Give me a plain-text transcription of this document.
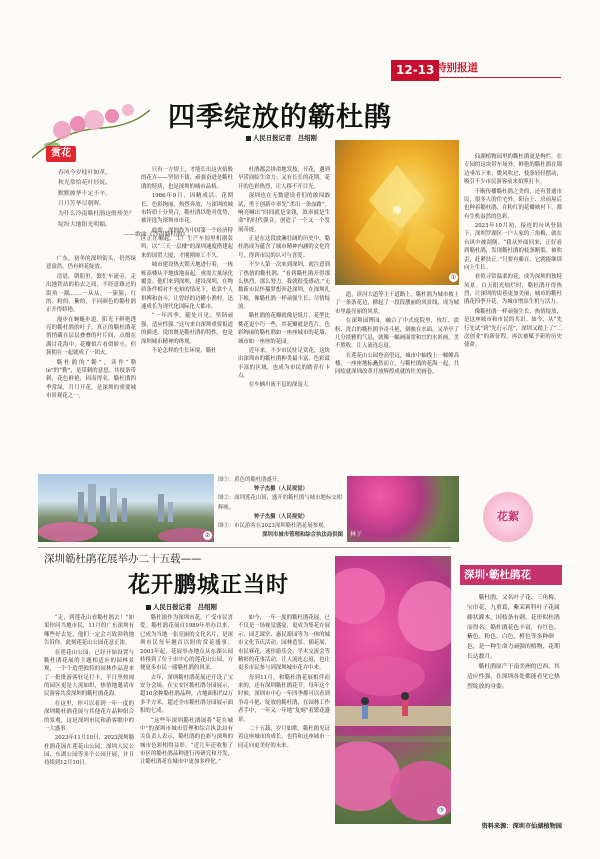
12-13 特别报道
四季绽放的簕杜鹃
人民日报记者　吕绍刚
赏花
春风今岁枝叶如革，
秋光常恰花叶轻妩。
默默披华不定不辛，
月月芳华尽朝晖。
为什么冷南簕杜鹃这般珍美？
绽纷大地阳光明媚。
——歌曲《冷南簕杜鹃》

广东，初冬的深圳街头，仍然绿意盎然，仍有鲜花绽放。

清晨，朝阳里，繁忙车流旁，走出地铁站的拍去之间，不经意路过的街角一隅……一从从，一簇簇，红的、粉的、紫的，不同颜色的簕杜鹃正开得娇艳。

漫步在蜿蜒步道，阳光下鲜艳透亮的簕杜鹃的叶子，真正的簕杜鹃花俏悄藏在层层叠叠的叶片间，点缀在满目花海中，花瓣似片看似娇小，但簇拥在一起就成了一团火。

簕杜鹃的“簕”，读作“勒lè”的“勒”，是带刺的意思。其枝条带刺，花色鲜艳，因而得名。簕杜鹃四季常绿，月月开花，是深圳的重要城市景观花之一。

只有一方情土，才能长出这火焰般的花卉——坚韧不拔、顽强奋进是簕杜鹃的特质，也是深圳的城市品格。

1986年9月，因精成活、花期长、色彩绚丽、热烈奔放，与深圳的城市特质十分契合，簕杜鹃以绝对优势，被评选为深圳市市花。

旋即，深圳作为中国第一个经济特区正在崛起，工厂生产车间里机器轰鸣，以“三天一层楼”的深圳速度搭建起来的国贸大厦，才刚刚竣工不久。

城市建设热火朝天地进行着，一栋栋高楼从平地拔地而起，亟需大量绿化覆盖。他们来到深圳，建设深圳，在物质条件相对不充裕的情况下，依靠个人拼搏和奋斗，让曾经的边陲小渔村，迅速成长为现代化国际化大都市。

“一年四季，随处可见，坚韧顽强，适应性强。”这句来自深圳重要报道的描述，说的既是簕杜鹃的特性，也是深圳城市精神的体现。

不论怎样的生长环境，簕杜

杜鹃都会拼命地发枝，开花，遇到旱涝面临生命力；又有长长的花期，花开的色彩热烈，让人移不开目光。

深圳也在无数建设者们的敢闯敢试，勇于创新中率先“杀出一条血路”，响亮喊出“时间就是金钱，效率就是生命”的时代强音，创造了一个又一个发展奇迹。

正是在这段波澜壮阔的历史中，簕杜鹃成为蕴含了城市精神内涵的文化符号，得到市民的认可与喜爱。

不少人第一次来到深圳，就注意到了热情的簕杜鹃。“看到簕杜鹃开得那么热烈，那么努力，我就很受感动。”无数新市民怀揣梦想奔赴深圳，在深圳扎下根，像簕杜鹃一样顽强生长，尽情绽放。

簕杜鹃的花瓣就像是纸片，花型比桃花更小巧一些，其花瓣就是苞片。色彩绚丽的簕杜鹃如一座座城市的花墙，城市如一座座的花园。

近年来，不少市民驻足赏花，这块由深圳市的簕杜鹃种类最丰富、色彩最丰富的区域，也成为市民的踏青打卡点。

在车辆川流不息的深南大

①

道，滨河大道等主干道路上，簕杜鹃为城市披上了一条条花边，掀起了一段段靓丽的风景线，成为城市里最亮丽的风景。

在深圳园博园，融合了中式庭院里，玫红、淡粉、洗白的簕杜鹃争奇斗艳，倒映在水面，又举亭了几分淡雅的气息，就像一幅画面宽和宜的水彩画，美不胜收，让人流连忘返。

在莲花山公园登高望远，城市中轴线上一幢幢高楼、一座座地标矗然而立，与簕杜鹃的花海一起，共同绘就深圳改革开放辉煌成就的壮美画卷。

仙湖植物园里的簕杜鹃更是绚烂。在专园的这块带车场外，鲜艳的簕杜鹃在墙边垂吊下来，微风吹过，枝条轻轻摆动，吸引不少市民游客前来拍照打卡。

不断传播簕杜鹃之美的，还有普通市民，很多人的住宅外，阳台上、房前屋后也种着簕杜鹃，在粉红的花瓣映衬下，都有生机盎然的色彩。

2023年10月初，接连的台风登陆下，深圳罗湖区一户人家的三角梅，就在台风中被刮倒。“我从外面回来，正好看到簕杜鹃，发现簕杜鹃的枝条断裂、被吹歪，赶紧扶正。”只要有藤在，它就能继续向上生长。

看似寻常温柔的花，成为深圳的独特风景。白天阳光灿烂时，簕杜鹃开得热烈，让深圳的街巷更加美丽；城市的簕杜鹃花四季开花，为城市增添生机与活力。

像簕杜鹃一样顽强生长、热情绽放，是这座城市和市民的共识。如今，从“先行先试”到“先行示范”，深圳又踏上了“二次创业”的新征程，再次被赋予新的历史使命。

②
图①：黄色的簕杜鹃盛开。
钟子杰摄（人民视觉）
图②：深圳莲花山顶，盛开的簕杜鹃与城市地标交相辉映。
钟子杰摄（人民视觉）
图③：市民游客在2023深圳簕杜鹃花展参观。
深圳市城市管理和综合执法局供图 林子
花絮
深圳簕杜鹃花展举办二十五载——
花开鹏城正当时
人民日报记者　吕绍刚

“走，到莲花山看簕杜鹃去！”如果你问当地市民，11月的广东深圳有哪些好去处，他们一定会兴致勃勃地告诉你，此刻莲花山公园花意正浓。

在莲花山公园，已经开始设置与簕杜鹃花展的主题相适应的园林景观，一个个造型独特的园林作品迎来了一批批游客驻足打卡，平日里热闹的园区更是人流如织，热情地邀请市民游客共赏深圳的簕杜鹃花海。

在这里，你可以看到一年一度的深圳簕杜鹃花展与其他花卉品种组合的景观，这是深圳市民和游客眼中的一大盛事。

2023年11月10日，2023深圳簕杜鹃花展在莲花山公园、深圳人民公园、东湖公园等多个公园开展，并且持续到12月10日。

簕杜鹃作为深圳市花，广受市民喜爱。簕杜鹃花展自1989年举办以来，已成为当地一张亮丽的文化名片，是深圳市民每年翘首以盼的赏花盛事。2003年起，花展举办地点从东湖公园转移到了位于市中心的莲花山公园，方便更多市民一睹簕杜鹃的风采。

去年，深圳簕杜鹃花展还开设了宝安分会场，在宝安区簕杜鹃分园展示，超10余种簕杜鹃品种，占地面积约2万多平方米，超过全市簕杜鹃分园展示面积的七成。

“这些年深圳簕杜鹃展将“花在城中”的深圳市城市管理和综合执法局有关负责人表示，簕杜鹃的色彩与深圳的城市色彩相得益彰。“近几年还收集了市区的簕杜鹃品种进行再研究和开发，让簕杜鹃花在城市中更加多样化。”

如今，一年一度的簕杜鹃花展，已不仅是一场视觉盛宴，更成为集花卉展示、园艺课堂、惠民游园等为一体的城市文化节庆活动。园林造景、插花展、市民赛花、迷你游乐会、学术交流会等精彩的花事活动，让人流连忘返，也让更多市民参与到深圳城市花卉中来。

每到11月，和簕杜鹃花展相伴而来的，还有深圳簕杜鹃花节。每年这个时候，深圳市中心一年四季都可以看到争奇斗艳、绽放的簕杜鹃，在园林工作者手中，一年又一年地“复刻”着繁花盛景。

二十五载，岁月如歌。簕杜鹃见证着这座城市的成长，也将和这座城市一同走向更美好的未来。

③
深圳·簕杜鹃花

簕杜鹃，又名叶子花、三角梅、宝巾花、九重葛，紫茉莉科叶子花属藤状灌木，因枝条有刺，花形似杜鹃而得名。簕杜鹃花色丰富，有红色、紫色、粉色、白色、橙色等多种颜色，是一种生命力顽强的植物，花期长达数月。

簕杜鹃原产于南美洲的巴西，其适应性强，在深圳各处都能看见它热烈绽放的身姿。

资料来源：深圳市仙湖植物园
